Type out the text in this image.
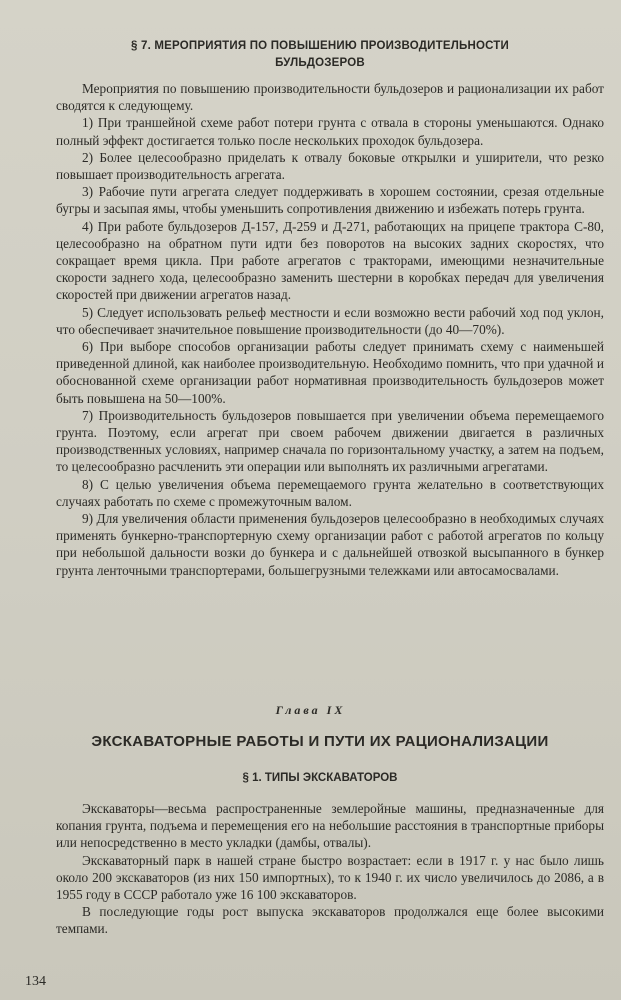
§ 7. МЕРОПРИЯТИЯ ПО ПОВЫШЕНИЮ ПРОИЗВОДИТЕЛЬНОСТИ
БУЛЬДОЗЕРОВ

Мероприятия по повышению производительности бульдозеров и рационализации их работ сводятся к следующему.

1) При траншейной схеме работ потери грунта с отвала в стороны уменьшаются. Однако полный эффект достигается только после нескольких проходок бульдозера.

2) Более целесообразно приделать к отвалу боковые открылки и уширители, что резко повышает производительность агрегата.

3) Рабочие пути агрегата следует поддерживать в хорошем состоянии, срезая отдельные бугры и засыпая ямы, чтобы уменьшить сопротивления движению и избежать потерь грунта.

4) При работе бульдозеров Д-157, Д-259 и Д-271, работающих на прицепе трактора С-80, целесообразно на обратном пути идти без поворотов на высоких задних скоростях, что сокращает время цикла. При работе агрегатов с тракторами, имеющими незначительные скорости заднего хода, целесообразно заменить шестерни в коробках передач для увеличения скоростей при движении агрегатов назад.

5) Следует использовать рельеф местности и если возможно вести рабочий ход под уклон, что обеспечивает значительное повышение производительности (до 40—70%).

6) При выборе способов организации работы следует принимать схему с наименьшей приведенной длиной, как наиболее производительную. Необходимо помнить, что при удачной и обоснованной схеме организации работ нормативная производительность бульдозеров может быть повышена на 50—100%.

7) Производительность бульдозеров повышается при увеличении объема перемещаемого грунта. Поэтому, если агрегат при своем рабочем движении двигается в различных производственных условиях, например сначала по горизонтальному участку, а затем на подъем, то целесообразно расчленить эти операции или выполнять их различными агрегатами.

8) С целью увеличения объема перемещаемого грунта желательно в соответствующих случаях работать по схеме с промежуточным валом.

9) Для увеличения области применения бульдозеров целесообразно в необходимых случаях применять бункерно-транспортерную схему организации работ с работой агрегатов по кольцу при небольшой дальности возки до бункера и с дальнейшей отвозкой высыпанного в бункер грунта ленточными транспортерами, большегрузными тележками или автосамосвалами.

Глава IX
ЭКСКАВАТОРНЫЕ РАБОТЫ И ПУТИ ИХ РАЦИОНАЛИЗАЦИИ
§ 1. ТИПЫ ЭКСКАВАТОРОВ

Экскаваторы—весьма распространенные землеройные машины, предназначенные для копания грунта, подъема и перемещения его на небольшие расстояния в транспортные приборы или непосредственно в место укладки (дамбы, отвалы).

Экскаваторный парк в нашей стране быстро возрастает: если в 1917 г. у нас было лишь около 200 экскаваторов (из них 150 импортных), то к 1940 г. их число увеличилось до 2086, а в 1955 году в СССР работало уже 16 100 экскаваторов.

В последующие годы рост выпуска экскаваторов продолжался еще более высокими темпами.

134
